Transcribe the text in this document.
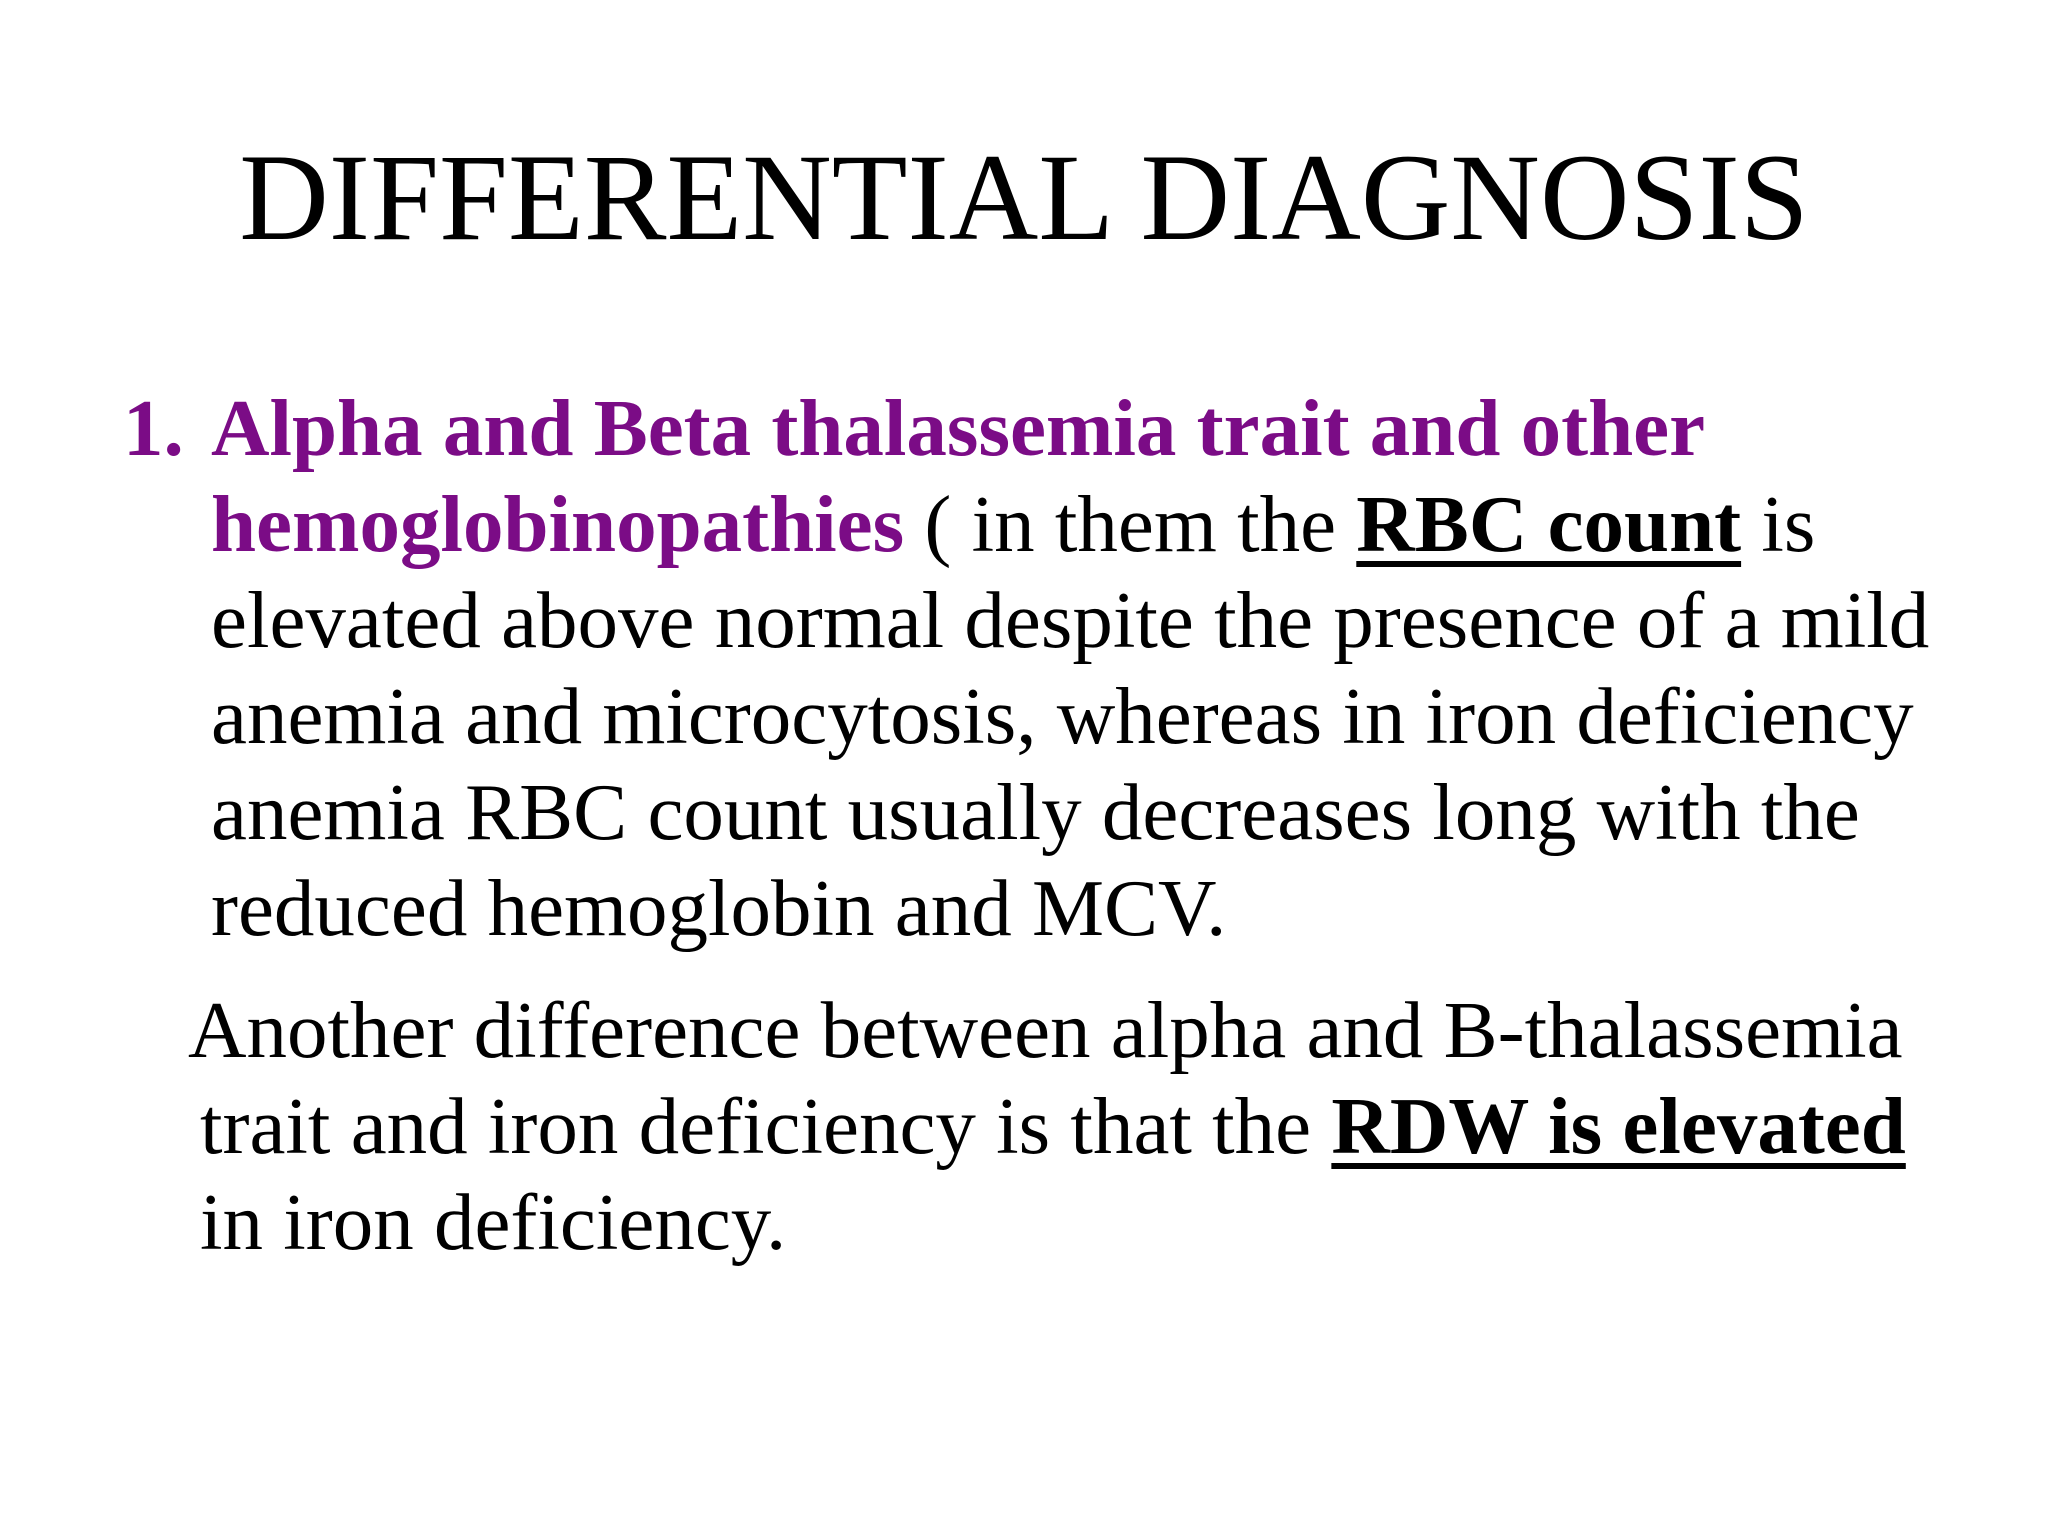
DIFFERENTIAL DIAGNOSIS
1. Alpha and Beta thalassemia trait and other hemoglobinopathies ( in them the RBC count is elevated above normal despite the presence of a mild anemia and microcytosis, whereas in iron deficiency anemia RBC count usually decreases long with the reduced hemoglobin and MCV.
Another difference between alpha and B-thalassemia trait and iron deficiency is that the RDW is elevated in iron deficiency.
